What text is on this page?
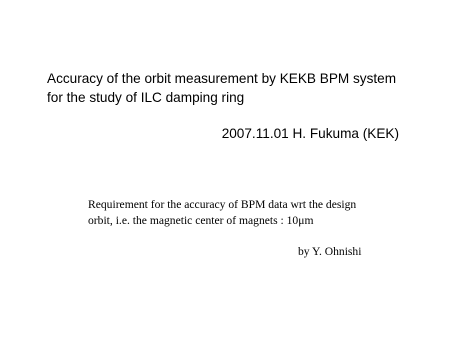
Accuracy of the orbit measurement by KEKB BPM system
for the study of ILC damping ring
2007.11.01 H. Fukuma (KEK)
Requirement for the accuracy of BPM data wrt the design
orbit, i.e. the magnetic center of magnets : 10μm
by Y. Ohnishi
